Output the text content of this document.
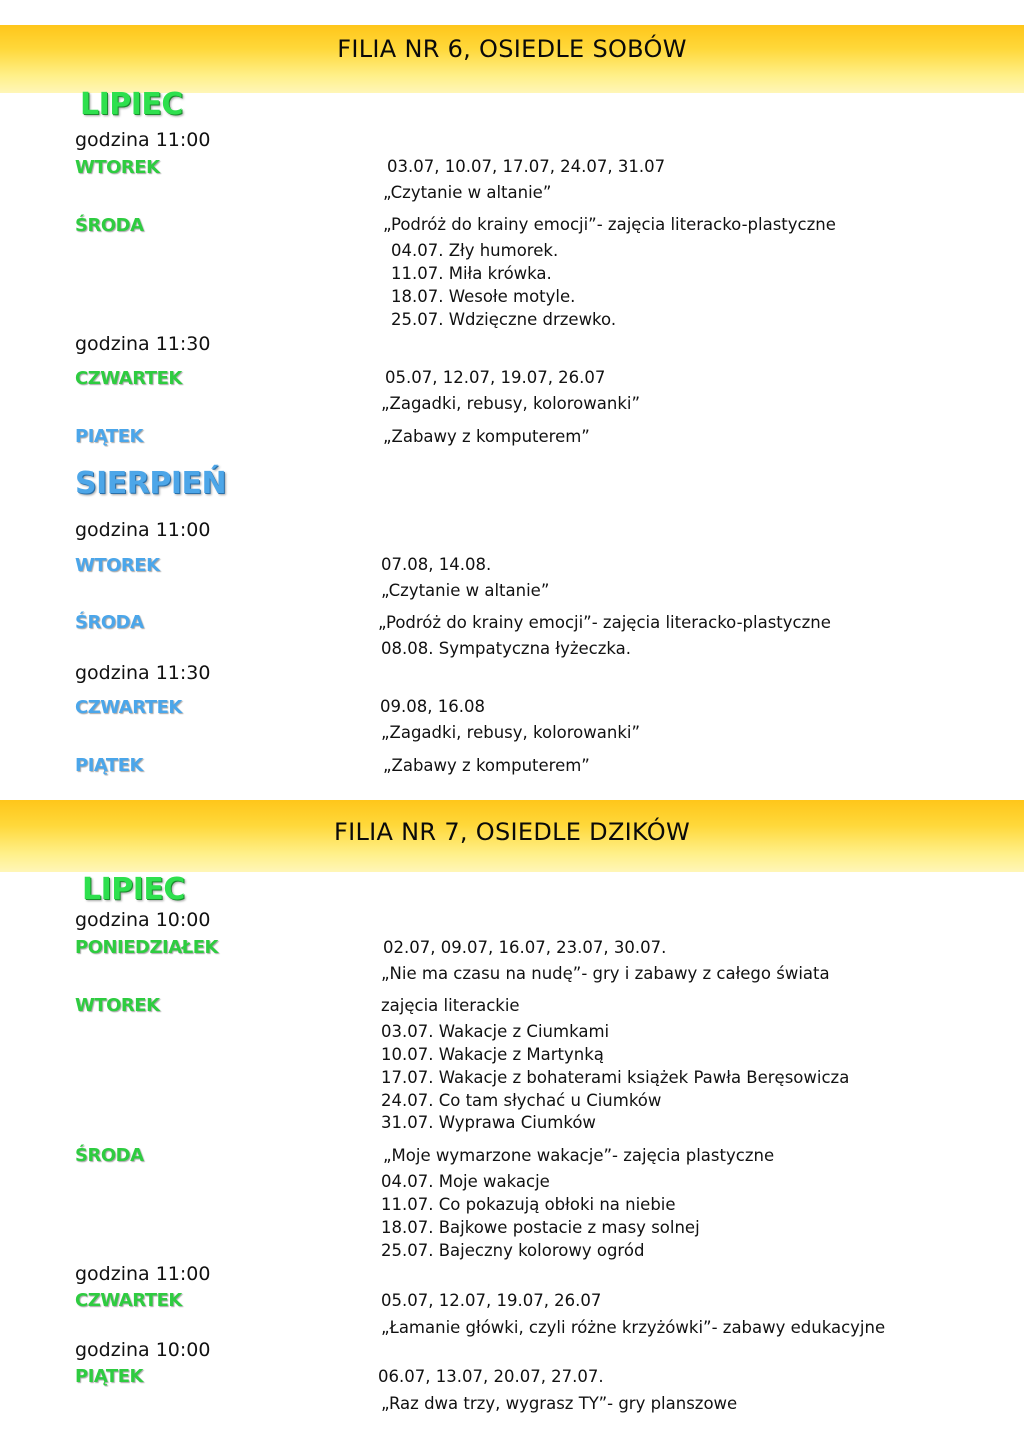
FILIA NR 6, OSIEDLE SOBÓW
LIPIEC
godzina 11:00
WTOREK	03.07, 10.07, 17.07, 24.07, 31.07
„Czytanie w altanie”
ŚRODA	„Podróż do krainy emocji”- zajęcia literacko-plastyczne
04.07. Zły humorek.
11.07. Miła krówka.
18.07. Wesołe motyle.
25.07. Wdzięczne drzewko.
godzina 11:30
CZWARTEK	05.07, 12.07, 19.07, 26.07
„Zagadki, rebusy, kolorowanki”
PIĄTEK	„Zabawy z komputerem”
SIERPIEŃ
godzina 11:00
WTOREK	07.08, 14.08.
„Czytanie w altanie”
ŚRODA	„Podróż do krainy emocji”- zajęcia literacko-plastyczne
08.08. Sympatyczna łyżeczka.
godzina 11:30
CZWARTEK	09.08, 16.08
„Zagadki, rebusy, kolorowanki”
PIĄTEK	„Zabawy z komputerem”
FILIA NR 7, OSIEDLE DZIKÓW
LIPIEC
godzina 10:00
PONIEDZIAŁEK	02.07, 09.07, 16.07, 23.07, 30.07.
„Nie ma czasu na nudę”- gry i zabawy z całego świata
WTOREK	zajęcia literackie
03.07. Wakacje z Ciumkami
10.07. Wakacje z Martynką
17.07. Wakacje z bohaterami książek Pawła Beręsowicza
24.07. Co tam słychać u Ciumków
31.07. Wyprawa Ciumków
ŚRODA	„Moje wymarzone wakacje”- zajęcia plastyczne
04.07. Moje wakacje
11.07. Co pokazują obłoki na niebie
18.07. Bajkowe postacie z masy solnej
25.07. Bajeczny kolorowy ogród
godzina 11:00
CZWARTEK	05.07, 12.07, 19.07, 26.07
„Łamanie główki, czyli różne krzyżówki”- zabawy edukacyjne
godzina 10:00
PIĄTEK	06.07, 13.07, 20.07, 27.07.
„Raz dwa trzy, wygrasz TY”- gry planszowe
